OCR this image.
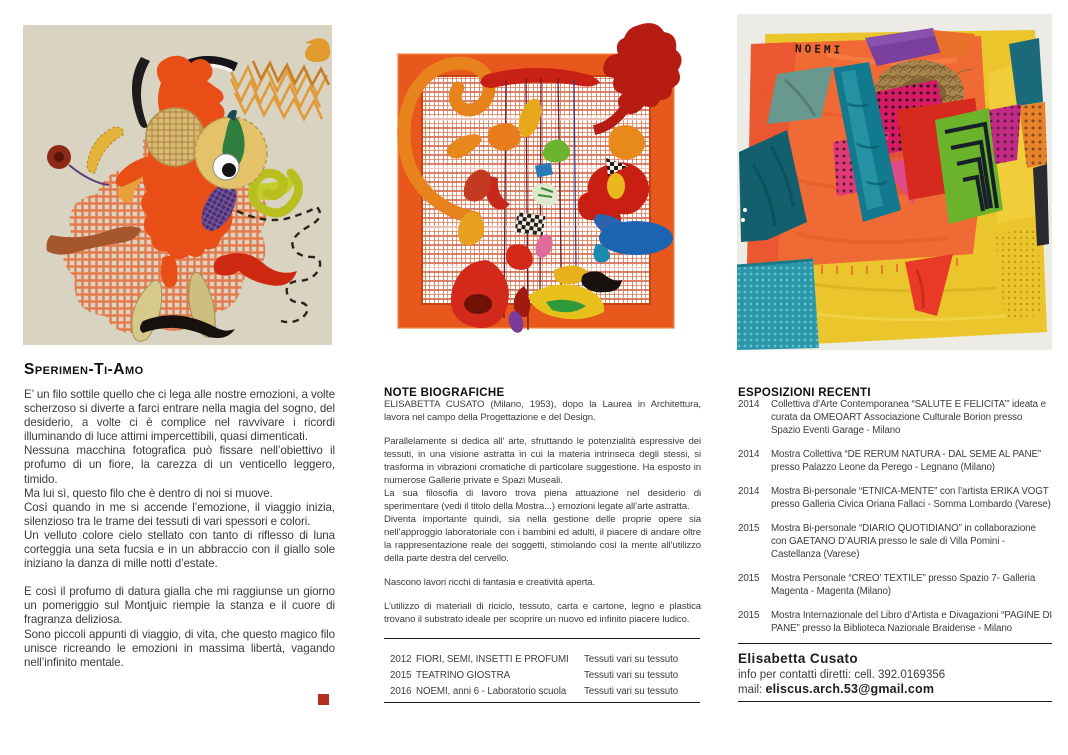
NOEMI
Sperimen-Ti-Amo

E’ un filo sottile quello che ci lega alle nostre emozioni, a volte scherzoso si diverte a farci entrare nella magia del sogno, del desiderio, a volte ci è complice nel ravvivare i ricordi illuminando di luce attimi impercettibili, quasi dimenticati.

Nessuna macchina fotografica può fissare nell’obiettivo il profumo di un fiore, la carezza di un venticello leggero, timido.

Ma lui sì, questo filo che è dentro di noi si muove.

Così quando in me si accende l’emozione, il viaggio inizia, silenzioso tra le trame dei tessuti di vari spessori e colori.

Un velluto colore cielo stellato con tanto di riflesso di luna corteggia una seta fucsia e in un abbraccio con il giallo sole iniziano la danza di mille notti d’estate.

E così il profumo di datura gialla che mi raggiunse un giorno un pomeriggio sul Montjuic riempie la stanza e il cuore di fragranza deliziosa.

Sono piccoli appunti di viaggio, di vita, che questo magico filo unisce ricreando le emozioni in massima libertà, vagando nell’infinito mentale.

NOTE BIOGRAFICHE

ELISABETTA CUSATO (Milano, 1953), dopo la Laurea in Architettura, lavora nel campo della Progettazione e del Design.

Parallelamente si dedica all’ arte, sfruttando le potenzialità espressive dei tessuti, in una visione astratta in cui la materia intrinseca degli stessi, si trasforma in vibrazioni cromatiche di particolare suggestione. Ha esposto in numerose Gallerie private e Spazi Museali.

La sua filosofia di lavoro trova piena attuazione nel desiderio di sperimentare (vedi il titolo della Mostra...) emozioni legate all’arte astratta.

Diventa importante quindi, sia nella gestione delle proprie opere sia nell’approggio laboratoriale con i bambini ed adulti, il piacere di andare oltre la rappresentazione reale dei soggetti, stimolando così la mente all’utilizzo della parte destra del cervello.

Nascono lavori ricchi di fantasia e creatività aperta.

L’utilizzo di materiali di riciclo, tessuto, carta e cartone, legno e plastica trovano il substrato ideale per scoprire un nuovo ed infinito piacere ludico.

2012 FIORI, SEMI, INSETTI E PROFUMI	Tessuti vari su tessuto
2015 TEATRINO GIOSTRA	Tessuti vari su tessuto
2016 NOEMI, anni 6 - Laboratorio scuola	Tessuti vari su tessuto
ESPOSIZIONI RECENTI
2014	Collettiva d’Arte Contemporanea “SALUTE E FELICITA’” ideata e curata da OMEOART Associazione Culturale Borion presso Spazio Eventi Garage - Milano
2014	Mostra Collettiva “DE RERUM NATURA - DAL SEME AL PANE” presso Palazzo Leone da Perego - Legnano (Milano)
2014	Mostra Bi-personale “ETNICA-MENTE” con l’artista ERIKA VOGT presso Galleria Civica Oriana Fallaci - Somma Lombardo (Varese)
2015	Mostra Bi-personale “DIARIO QUOTIDIANO” in collaborazione con GAETANO D’AURIA presso le sale di Villa Pomini - Castellanza (Varese)
2015	Mostra Personale “CREO’ TEXTILE” presso Spazio 7- Galleria Magenta - Magenta (Milano)
2015	Mostra Internazionale del Libro d’Artista e Divagazioni “PAGINE DI PANE” presso la Biblioteca Nazionale Braidense - Milano
Elisabetta Cusato
info per contatti diretti: cell. 392.0169356
mail: eliscus.arch.53@gmail.com
